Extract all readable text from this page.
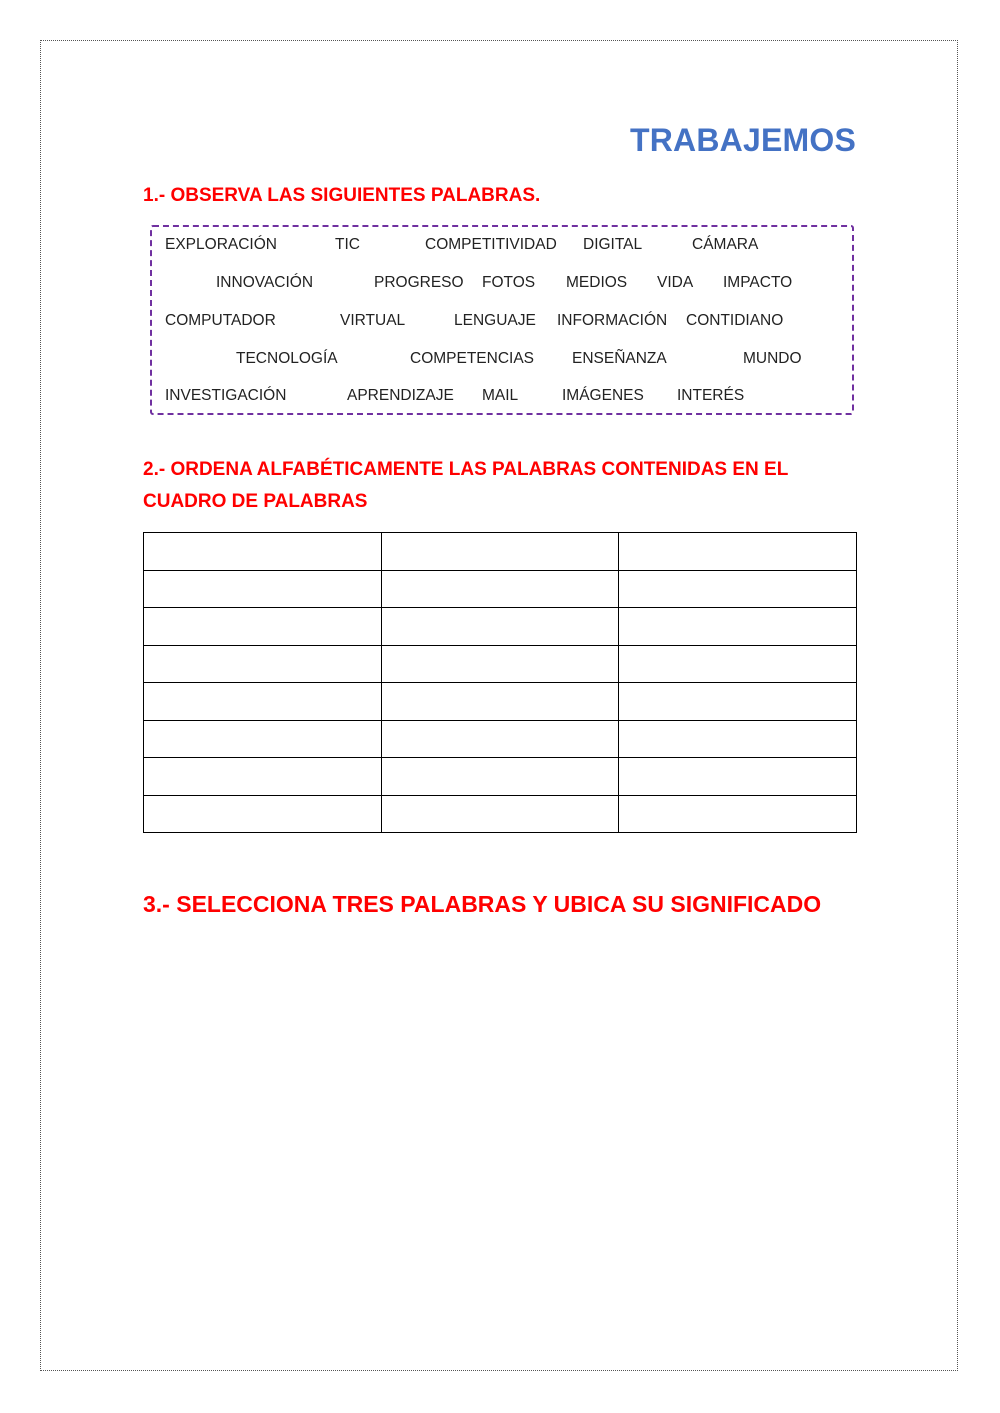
TRABAJEMOS
1.- OBSERVA LAS SIGUIENTES PALABRAS.
EXPLORACIÓN	TIC	COMPETITIVIDAD DIGITAL	CÁMARA
INNOVACIÓN	PROGRESO FOTOS MEDIOS VIDA IMPACTO
COMPUTADOR	VIRTUAL	LENGUAJE INFORMACIÓN CONTIDIANO
TECNOLOGÍA	COMPETENCIAS ENSEÑANZA	MUNDO
INVESTIGACIÓN	APRENDIZAJE MAIL	IMÁGENES INTERÉS
2.- ORDENA ALFABÉTICAMENTE LAS PALABRAS CONTENIDAS EN EL
CUADRO DE PALABRAS

3.- SELECCIONA TRES PALABRAS Y UBICA SU SIGNIFICADO
